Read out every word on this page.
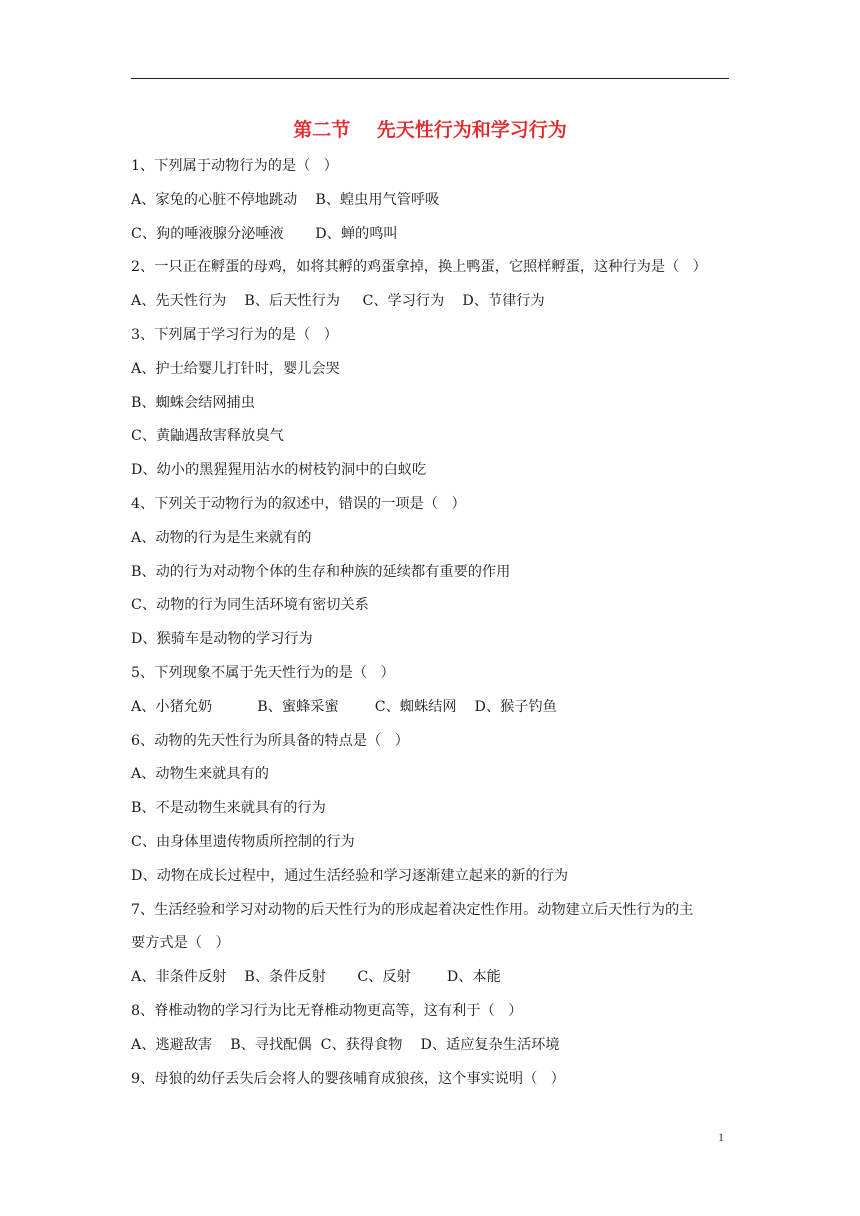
第二节    先天性行为和学习行为
1、下列属于动物行为的是（   ）
A、家兔的心脏不停地跳动    B、蝗虫用气管呼吸
C、狗的唾液腺分泌唾液       D、蝉的鸣叫
2、一只正在孵蛋的母鸡，如将其孵的鸡蛋拿掉，换上鸭蛋，它照样孵蛋，这种行为是（   ）
A、先天性行为    B、后天性行为     C、学习行为    D、节律行为
3、下列属于学习行为的是（   ）
A、护士给婴儿打针时，婴儿会哭
B、蜘蛛会结网捕虫
C、黄鼬遇敌害释放臭气
D、幼小的黑猩猩用沾水的树枝钓洞中的白蚁吃
4、下列关于动物行为的叙述中，错误的一项是（   ）
A、动物的行为是生来就有的
B、动的行为对动物个体的生存和种族的延续都有重要的作用
C、动物的行为同生活环境有密切关系
D、猴骑车是动物的学习行为
5、下列现象不属于先天性行为的是（   ）
A、小猪允奶          B、蜜蜂采蜜        C、蜘蛛结网    D、猴子钓鱼
6、动物的先天性行为所具备的特点是（   ）
A、动物生来就具有的
B、不是动物生来就具有的行为
C、由身体里遗传物质所控制的行为
D、动物在成长过程中，通过生活经验和学习逐渐建立起来的新的行为
7、生活经验和学习对动物的后天性行为的形成起着决定性作用。动物建立后天性行为的主
要方式是（   ）
A、非条件反射    B、条件反射       C、反射        D、本能
8、脊椎动物的学习行为比无脊椎动物更高等，这有利于（   ）
A、逃避敌害    B、寻找配偶  C、获得食物    D、适应复杂生活环境
9、母狼的幼仔丢失后会将人的婴孩哺育成狼孩，这个事实说明（   ）
1
